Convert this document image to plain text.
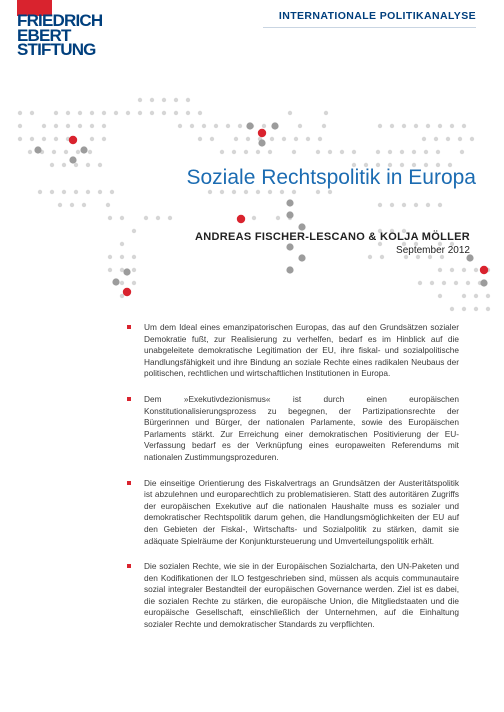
FRIEDRICH
EBERT
STIFTUNG
INTERNATIONALE POLITIKANALYSE
Soziale Rechtspolitik in Europa
ANDREAS FISCHER-LESCANO & KOLJA MÖLLER
September 2012
Um dem Ideal eines emanzipatorischen Europas, das auf den Grundsätzen sozialer Demokratie fußt, zur Realisierung zu verhelfen, bedarf es im Hinblick auf die unabgeleitete demokratische Legitimation der EU, ihre fiskal- und sozialpolitische Handlungsfähigkeit und ihre Bindung an soziale Rechte eines radikalen Neubaus der politischen, rechtlichen und wirtschaftlichen Institutionen in Europa.
Dem »Exekutivdezionismus« ist durch einen europäischen Konstitutionalisierungsprozess zu begegnen, der Partizipationsrechte der Bürgerinnen und Bürger, der nationalen Parlamente, sowie des Europäischen Parlaments stärkt. Zur Erreichung einer demokratischen Positivierung der EU-Verfassung bedarf es der Verknüpfung eines europaweiten Referendums mit nationalen Zustimmungsprozeduren.
Die einseitige Orientierung des Fiskalvertrags an Grundsätzen der Austeritätspolitik ist abzulehnen und europarechtlich zu problematisieren. Statt des autoritären Zugriffs der europäischen Exekutive auf die nationalen Haushalte muss es sozialer und demokratischer Rechtspolitik darum gehen, die Handlungsmöglichkeiten der EU auf den Gebieten der Fiskal-, Wirtschafts- und Sozialpolitik zu stärken, damit sie adäquate Spielräume der Konjunktursteuerung und Umverteilungspolitik erhält.
Die sozialen Rechte, wie sie in der Europäischen Sozialcharta, den UN-Paketen und den Kodifikationen der ILO festgeschrieben sind, müssen als acquis communautaire sozial integraler Bestandteil der europäischen Governance werden. Ziel ist es dabei, die sozialen Rechte zu stärken, die europäische Union, die Mitgliedstaaten und die europäische Gesellschaft, einschließlich der Unternehmen, auf die Einhaltung sozialer Rechte und demokratischer Standards zu verpflichten.
